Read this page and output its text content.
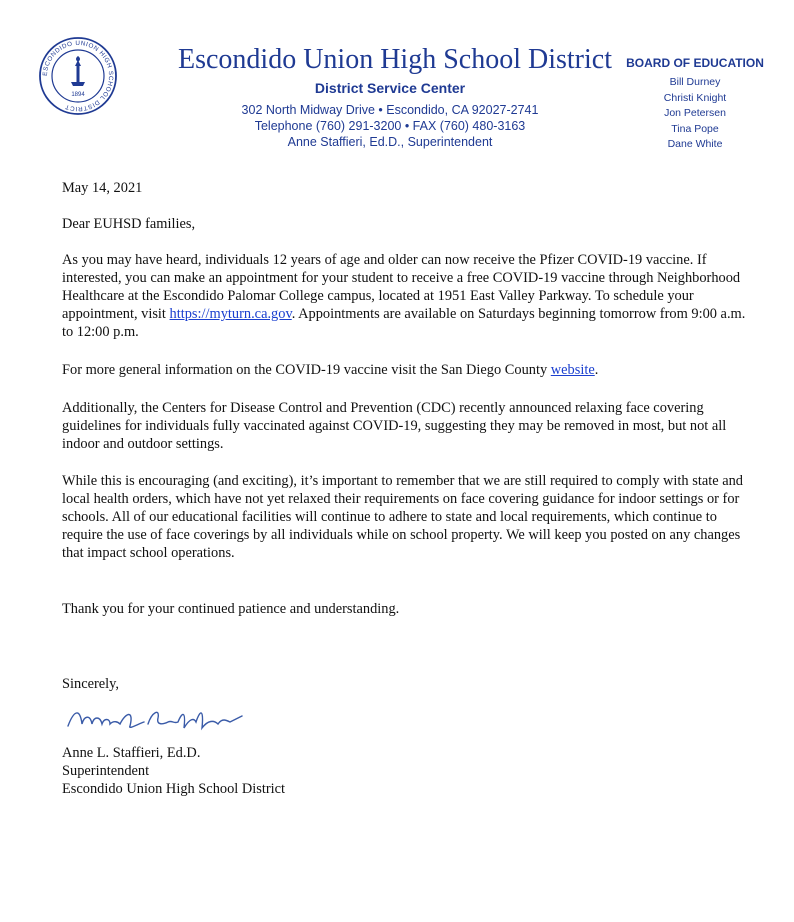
ESCONDIDO UNION HIGH SCHOOL DISTRICT
1894
Escondido Union High School District
District Service Center
302 North Midway Drive • Escondido, CA 92027-2741
Telephone (760) 291-3200 • FAX (760) 480-3163
Anne Staffieri, Ed.D., Superintendent
BOARD OF EDUCATION
Bill Durney
Christi Knight
Jon Petersen
Tina Pope
Dane White
May 14, 2021
Dear EUHSD families,

As you may have heard, individuals 12 years of age and older can now receive the Pfizer COVID-19 vaccine. If interested, you can make an appointment for your student to receive a free COVID-19 vaccine through Neighborhood Healthcare at the Escondido Palomar College campus, located at 1951 East Valley Parkway. To schedule your appointment, visit https://myturn.ca.gov. Appointments are available on Saturdays beginning tomorrow from 9:00 a.m. to 12:00 p.m.

For more general information on the COVID-19 vaccine visit the San Diego County website.

Additionally, the Centers for Disease Control and Prevention (CDC) recently announced relaxing face covering guidelines for individuals fully vaccinated against COVID-19, suggesting they may be removed in most, but not all indoor and outdoor settings.

While this is encouraging (and exciting), it’s important to remember that we are still required to comply with state and local health orders, which have not yet relaxed their requirements on face covering guidance for indoor settings or for schools. All of our educational facilities will continue to adhere to state and local requirements, which continue to require the use of face coverings by all individuals while on school property. We will keep you posted on any changes that impact school operations.

Thank you for your continued patience and understanding.

Sincerely,
Anne L. Staffieri, Ed.D.
Superintendent
Escondido Union High School District
